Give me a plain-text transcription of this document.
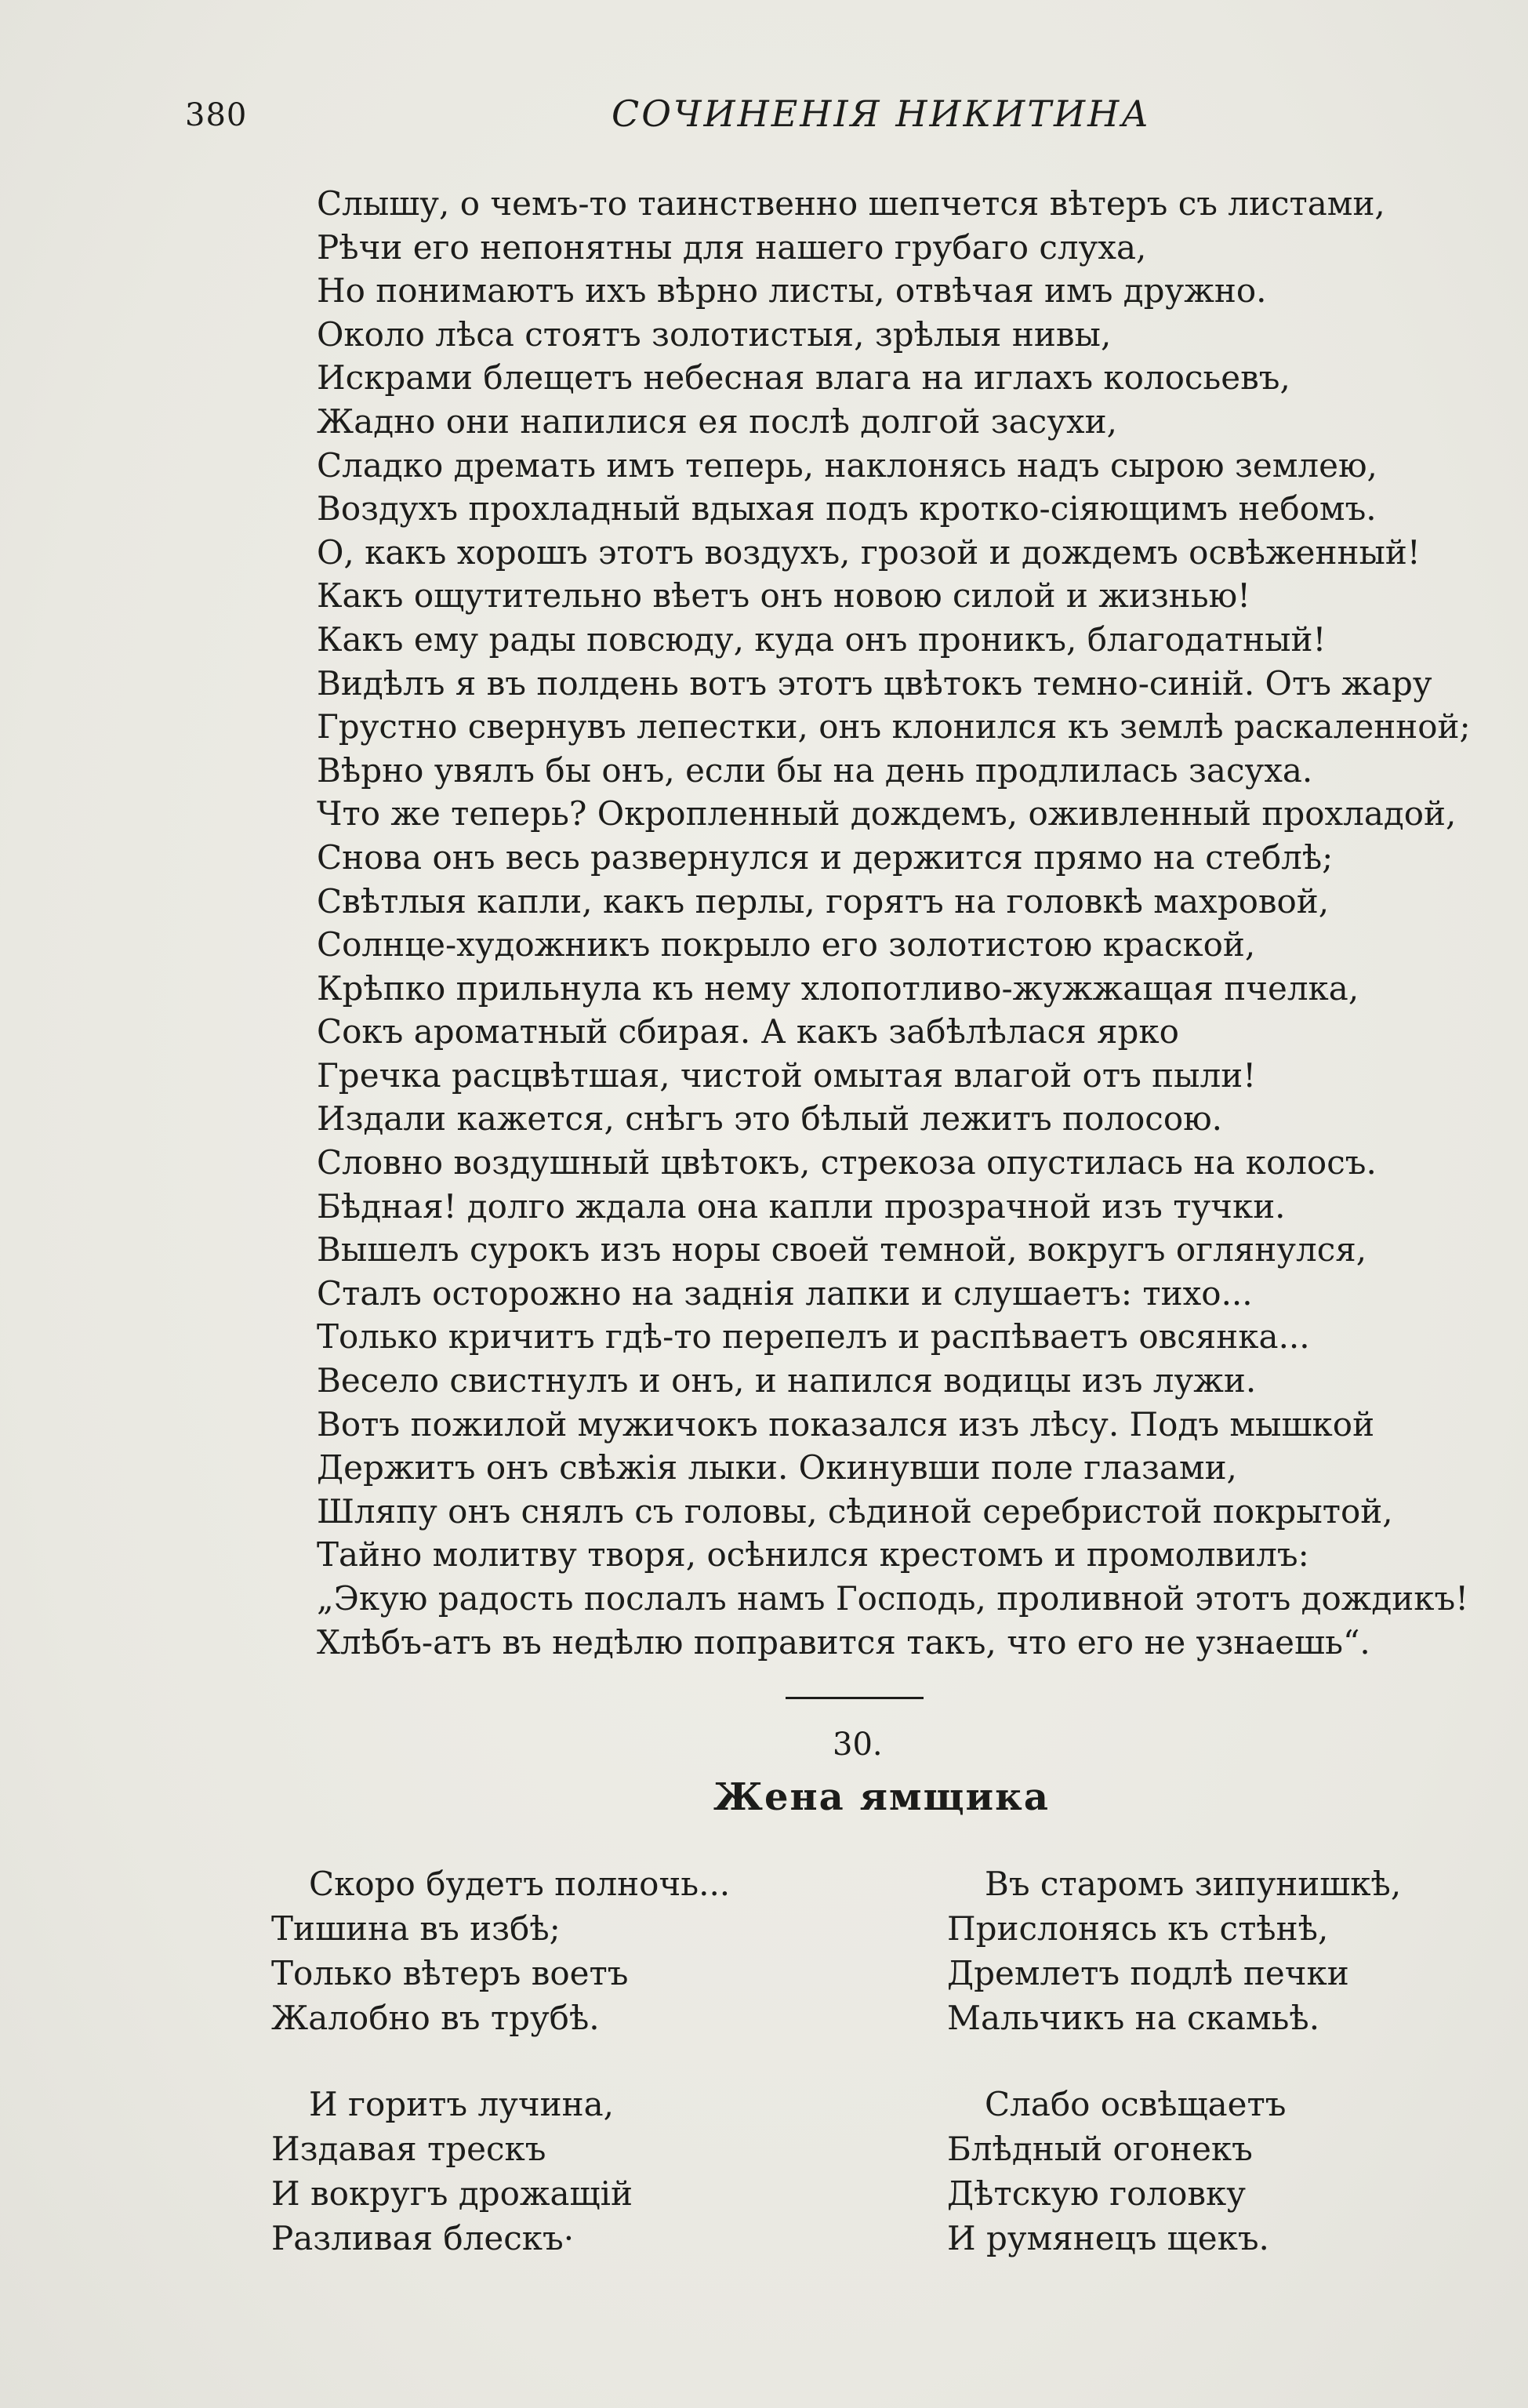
380	СОЧИНЕНІЯ НИКИТИНА
Слышу, о чемъ-то таинственно шепчется вѣтеръ съ листами,
Рѣчи его непонятны для нашего грубаго слуха,
Но понимаютъ ихъ вѣрно листы, отвѣчая имъ дружно.
Около лѣса стоятъ золотистыя, зрѣлыя нивы,
Искрами блещетъ небесная влага на иглахъ колосьевъ,
Жадно они напилися ея послѣ долгой засухи,
Сладко дремать имъ теперь, наклонясь надъ сырою землею,
Воздухъ прохладный вдыхая подъ кротко-сіяющимъ небомъ.
О, какъ хорошъ этотъ воздухъ, грозой и дождемъ освѣженный!
Какъ ощутительно вѣетъ онъ новою силой и жизнью!
Какъ ему рады повсюду, куда онъ проникъ, благодатный!
Видѣлъ я въ полдень вотъ этотъ цвѣтокъ темно-синій. Отъ жару
Грустно свернувъ лепестки, онъ клонился къ землѣ раскаленной;
Вѣрно увялъ бы онъ, если бы на день продлилась засуха.
Что же теперь? Окропленный дождемъ, оживленный прохладой,
Снова онъ весь развернулся и держится прямо на стеблѣ;
Свѣтлыя капли, какъ перлы, горятъ на головкѣ махровой,
Солнце-художникъ покрыло его золотистою краской,
Крѣпко прильнула къ нему хлопотливо-жужжащая пчелка,
Сокъ ароматный сбирая. А какъ забѣлѣлася ярко
Гречка расцвѣтшая, чистой омытая влагой отъ пыли!
Издали кажется, снѣгъ это бѣлый лежитъ полосою.
Словно воздушный цвѣтокъ, стрекоза опустилась на колосъ.
Бѣдная! долго ждала она капли прозрачной изъ тучки.
Вышелъ сурокъ изъ норы своей темной, вокругъ оглянулся,
Сталъ осторожно на заднія лапки и слушаетъ: тихо...
Только кричитъ гдѣ-то перепелъ и распѣваетъ овсянка...
Весело свистнулъ и онъ, и напился водицы изъ лужи.
Вотъ пожилой мужичокъ показался изъ лѣсу. Подъ мышкой
Держитъ онъ свѣжія лыки. Окинувши поле глазами,
Шляпу онъ снялъ съ головы, сѣдиной серебристой покрытой,
Тайно молитву творя, осѣнился крестомъ и промолвилъ:
„Экую радость послалъ намъ Господь, проливной этотъ дождикъ!
Хлѣбъ-атъ въ недѣлю поправится такъ, что его не узнаешь“.
30.
Жена ямщика
Скоро будетъ полночь...
Тишина въ избѣ;
Только вѣтеръ воетъ
Жалобно въ трубѣ.
И горитъ лучина,
Издавая трескъ
И вокругъ дрожащій
Разливая блескъ·
Въ старомъ зипунишкѣ,
Прислонясь къ стѣнѣ,
Дремлетъ подлѣ печки
Мальчикъ на скамьѣ.
Слабо освѣщаетъ
Блѣдный огонекъ
Дѣтскую головку
И румянецъ щекъ.
